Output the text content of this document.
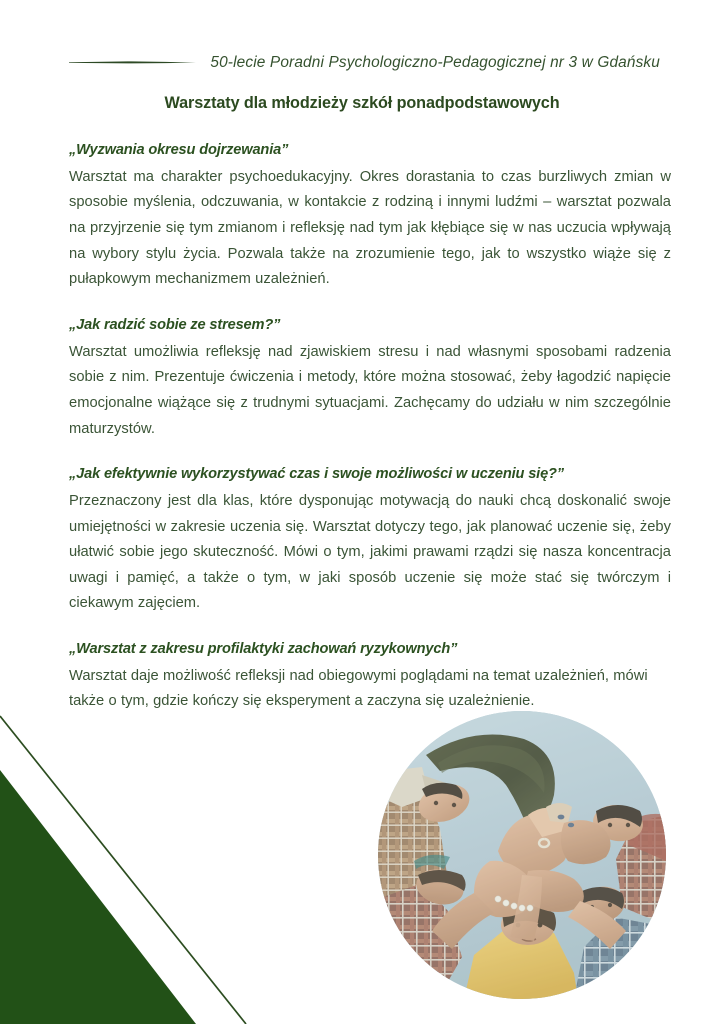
50-lecie Poradni Psychologiczno-Pedagogicznej nr 3 w Gdańsku
Warsztaty dla młodzieży szkół ponadpodstawowych

„Wyzwania okresu dojrzewania”

Warsztat ma charakter psychoedukacyjny. Okres dorastania to czas burzliwych zmian w sposobie myślenia, odczuwania, w kontakcie z rodziną i innymi ludźmi – warsztat pozwala na przyjrzenie się tym zmianom i refleksję nad tym jak kłębiące się w nas uczucia wpływają na wybory stylu życia. Pozwala także na zrozumienie tego, jak to wszystko wiąże się z pułapkowym mechanizmem uzależnień.

„Jak radzić sobie ze stresem?”

Warsztat umożliwia refleksję nad zjawiskiem stresu i nad własnymi sposobami radzenia sobie z nim. Prezentuje ćwiczenia i metody, które można stosować, żeby łagodzić napięcie emocjonalne wiążące się z trudnymi sytuacjami. Zachęcamy do udziału w nim szczególnie maturzystów.

„Jak efektywnie wykorzystywać czas i swoje możliwości w uczeniu się?”

Przeznaczony jest dla klas, które dysponując motywacją do nauki chcą doskonalić swoje umiejętności w zakresie uczenia się. Warsztat dotyczy tego, jak planować uczenie się, żeby ułatwić sobie jego skuteczność. Mówi o tym, jakimi prawami rządzi się nasza koncentracja uwagi i pamięć, a także o tym, w jaki sposób uczenie się może stać się twórczym i ciekawym zajęciem.

„Warsztat z zakresu profilaktyki zachowań ryzykownych”

Warsztat daje możliwość refleksji nad obiegowymi poglądami na temat uzależnień, mówi także o tym, gdzie kończy się eksperyment a zaczyna się uzależnienie.
